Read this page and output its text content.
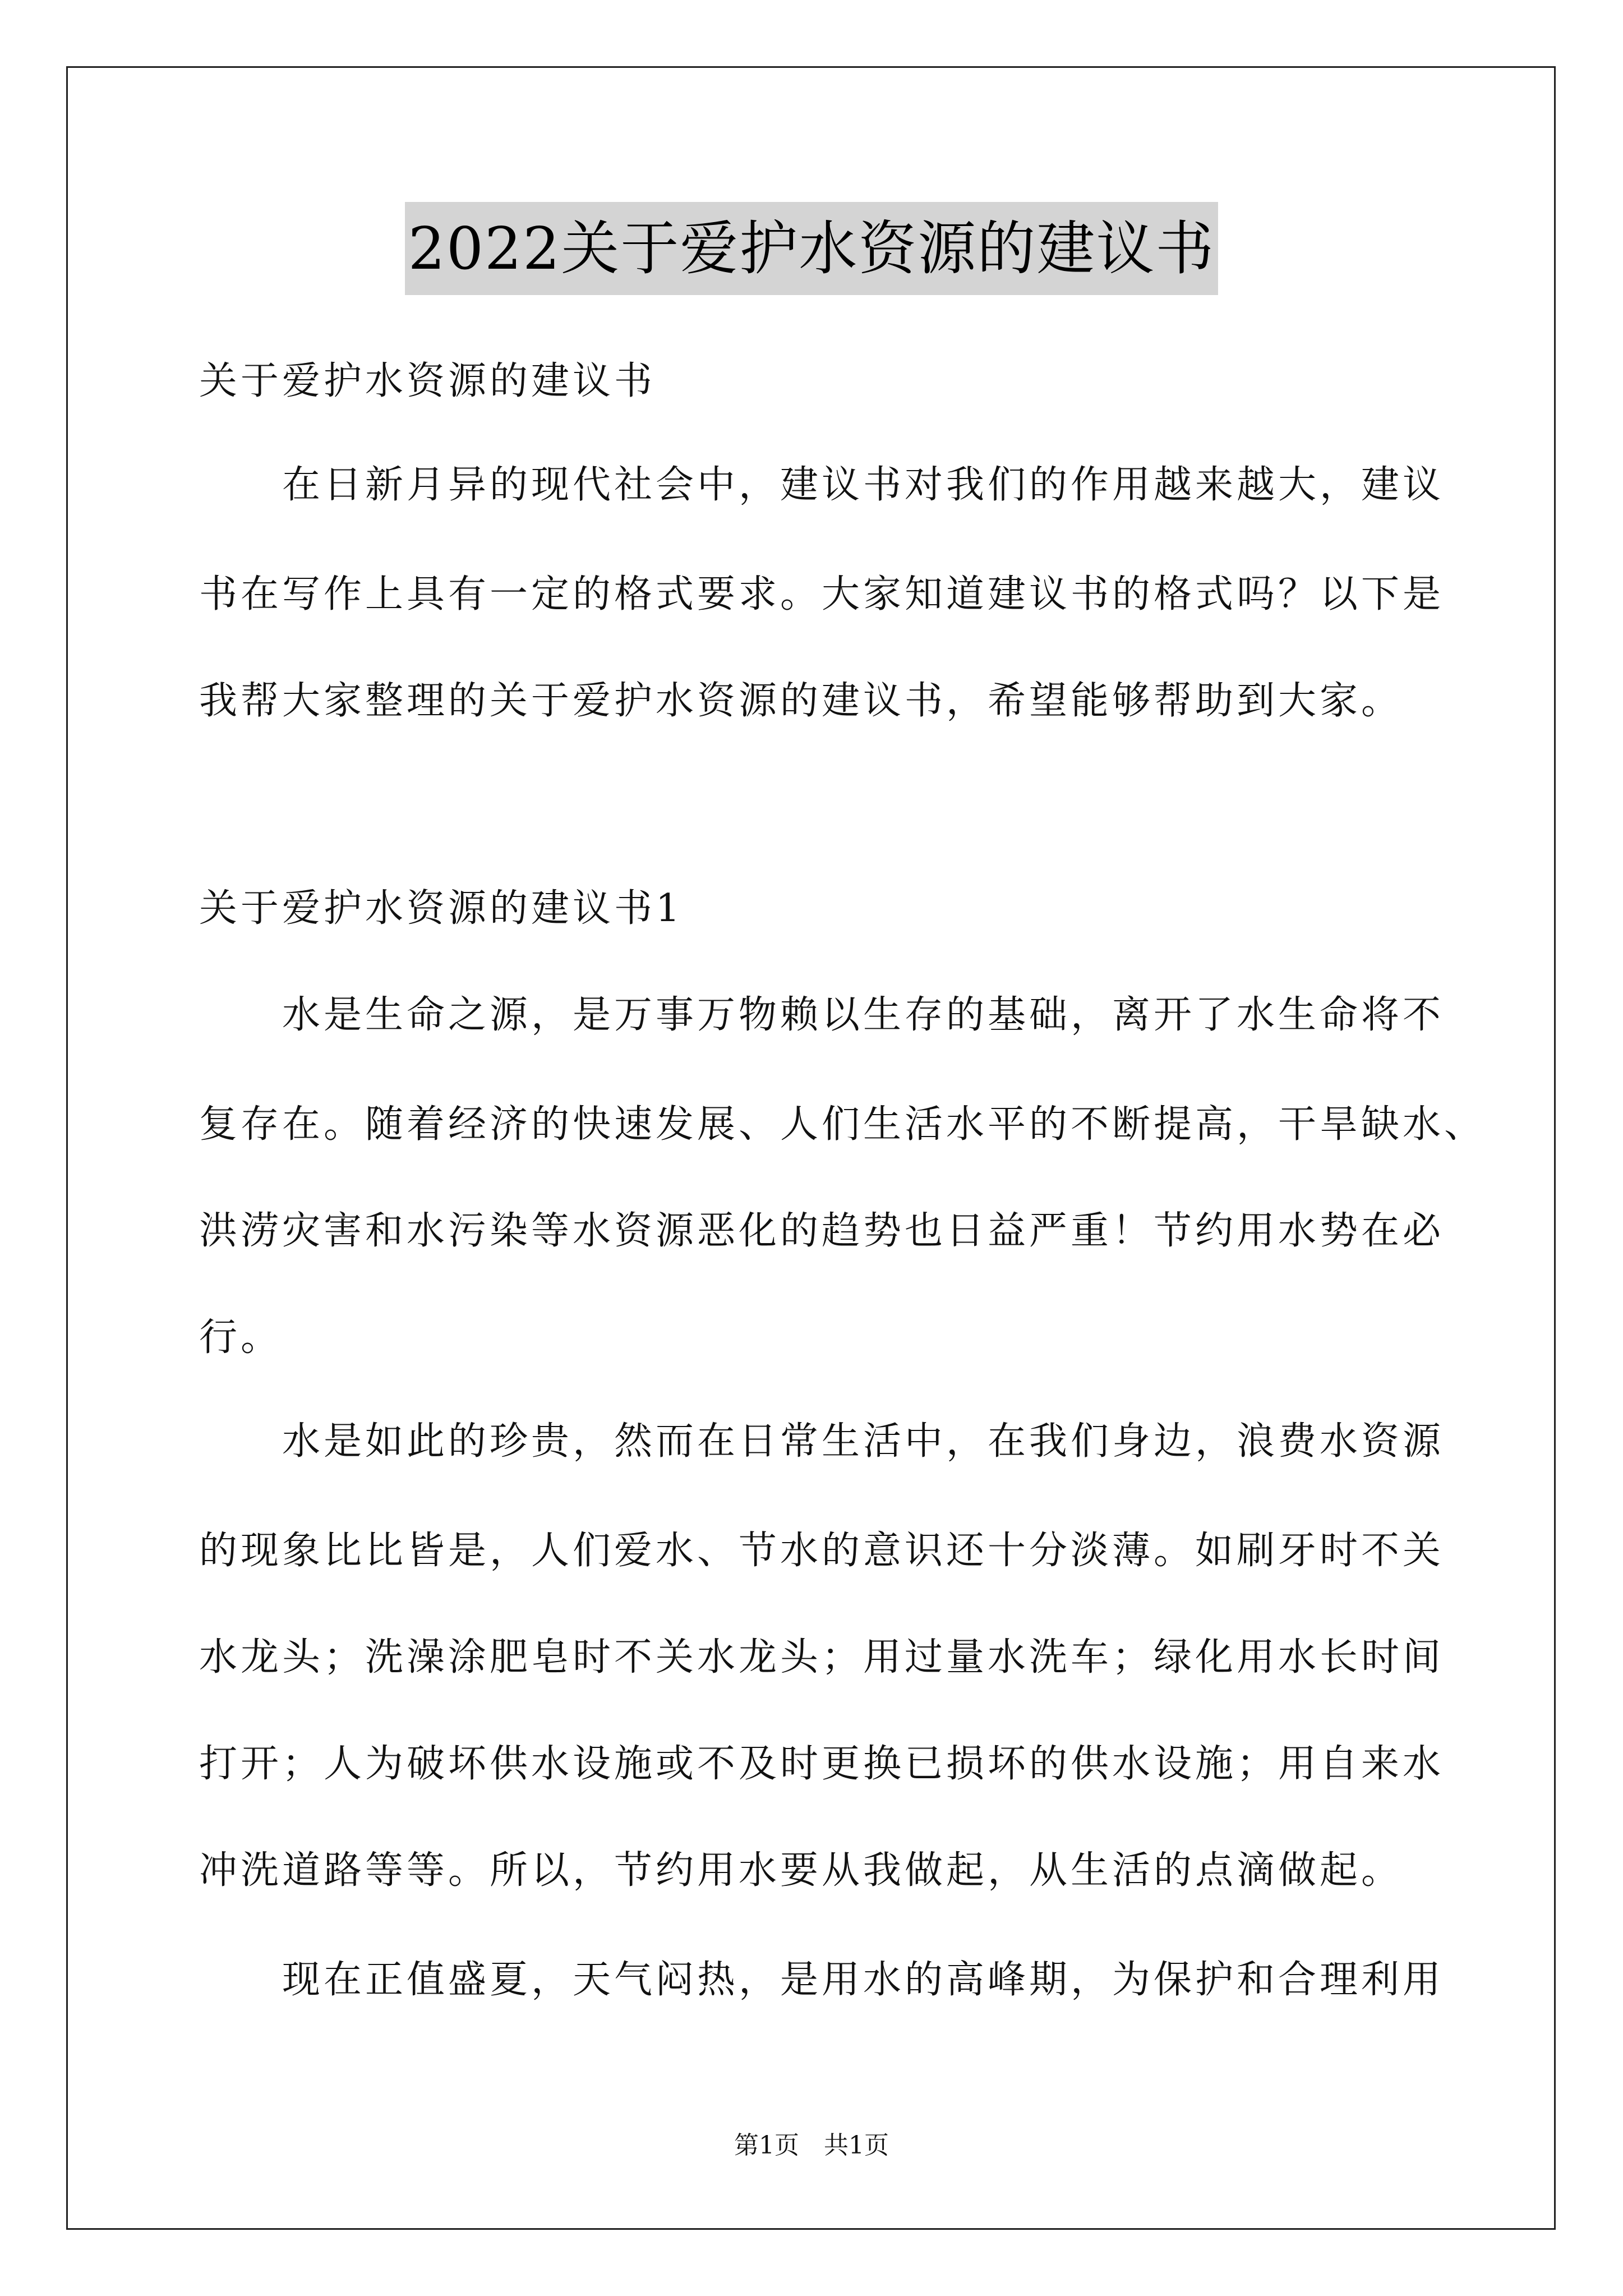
2022关于爱护水资源的建议书
关于爱护水资源的建议书
　　在日新月异的现代社会中，建议书对我们的作用越来越大，建议
书在写作上具有一定的格式要求。大家知道建议书的格式吗？以下是
我帮大家整理的关于爱护水资源的建议书，希望能够帮助到大家。
关于爱护水资源的建议书1
　　水是生命之源，是万事万物赖以生存的基础，离开了水生命将不
复存在。随着经济的快速发展、人们生活水平的不断提高，干旱缺水、
洪涝灾害和水污染等水资源恶化的趋势也日益严重！节约用水势在必
行。
　　水是如此的珍贵，然而在日常生活中，在我们身边，浪费水资源
的现象比比皆是，人们爱水、节水的意识还十分淡薄。如刷牙时不关
水龙头；洗澡涂肥皂时不关水龙头；用过量水洗车；绿化用水长时间
打开；人为破坏供水设施或不及时更换已损坏的供水设施；用自来水
冲洗道路等等。所以，节约用水要从我做起，从生活的点滴做起。
　　现在正值盛夏，天气闷热，是用水的高峰期，为保护和合理利用
第1页　共1页
